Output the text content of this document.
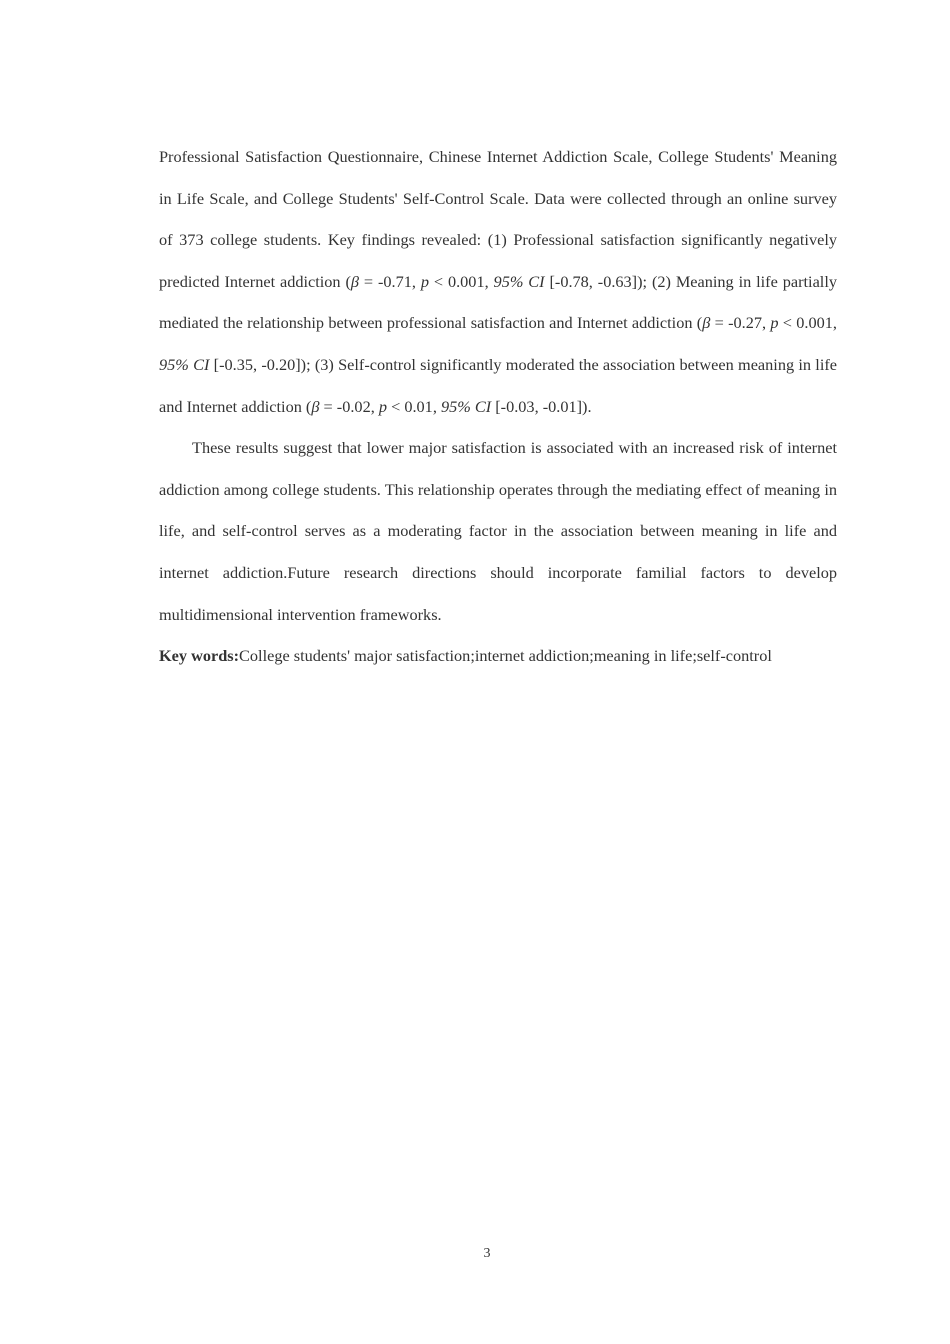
Professional Satisfaction Questionnaire, Chinese Internet Addiction Scale, College Students' Meaning in Life Scale, and College Students' Self-Control Scale. Data were collected through an online survey of 373 college students. Key findings revealed: (1) Professional satisfaction significantly negatively predicted Internet addiction (β = -0.71, p < 0.001, 95% CI [-0.78, -0.63]); (2) Meaning in life partially mediated the relationship between professional satisfaction and Internet addiction (β = -0.27, p < 0.001, 95% CI [-0.35, -0.20]); (3) Self-control significantly moderated the association between meaning in life and Internet addiction (β = -0.02, p < 0.01, 95% CI [-0.03, -0.01]).

These results suggest that lower major satisfaction is associated with an increased risk of internet addiction among college students. This relationship operates through the mediating effect of meaning in life, and self-control serves as a moderating factor in the association between meaning in life and internet addiction.Future research directions should incorporate familial factors to develop multidimensional intervention frameworks.

Key words:College students' major satisfaction;internet addiction;meaning in life;self-control

3
